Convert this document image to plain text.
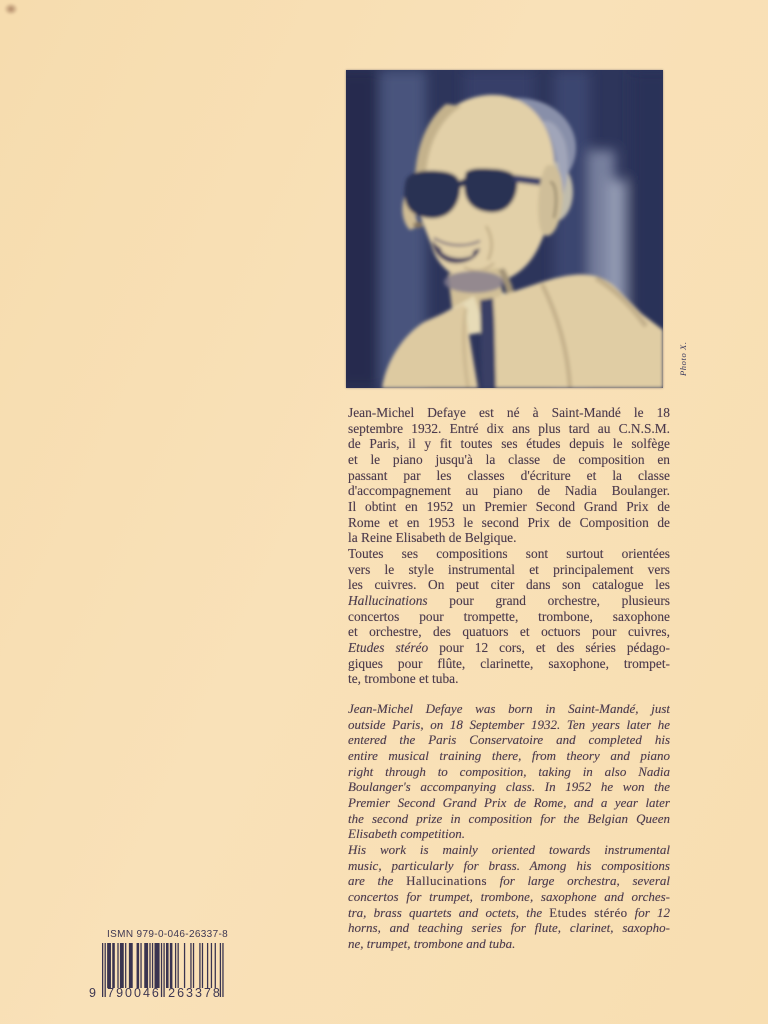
Photo X.
Jean-Michel Defaye est né à Saint-Mandé le 18
septembre 1932. Entré dix ans plus tard au C.N.S.M.
de Paris, il y fit toutes ses études depuis le solfège
et le piano jusqu'à la classe de composition en
passant par les classes d'écriture et la classe
d'accompagnement au piano de Nadia Boulanger.
Il obtint en 1952 un Premier Second Grand Prix de
Rome et en 1953 le second Prix de Composition de
la Reine Elisabeth de Belgique.
Toutes ses compositions sont surtout orientées
vers le style instrumental et principalement vers
les cuivres. On peut citer dans son catalogue les
Hallucinations pour grand orchestre, plusieurs
concertos pour trompette, trombone, saxophone
et orchestre, des quatuors et octuors pour cuivres,
Etudes stéréo pour 12 cors, et des séries pédago-
giques pour flûte, clarinette, saxophone, trompet-
te, trombone et tuba.
Jean-Michel Defaye was born in Saint-Mandé, just
outside Paris, on 18 September 1932. Ten years later he
entered the Paris Conservatoire and completed his
entire musical training there, from theory and piano
right through to composition, taking in also Nadia
Boulanger's accompanying class. In 1952 he won the
Premier Second Grand Prix de Rome, and a year later
the second prize in composition for the Belgian Queen
Elisabeth competition.
His work is mainly oriented towards instrumental
music, particularly for brass. Among his compositions
are the Hallucinations for large orchestra, several
concertos for trumpet, trombone, saxophone and orches-
tra, brass quartets and octets, the Etudes stéréo for 12
horns, and teaching series for flute, clarinet, saxopho-
ne, trumpet, trombone and tuba.
ISMN 979-0-046-26337-8
9 790046 263378
